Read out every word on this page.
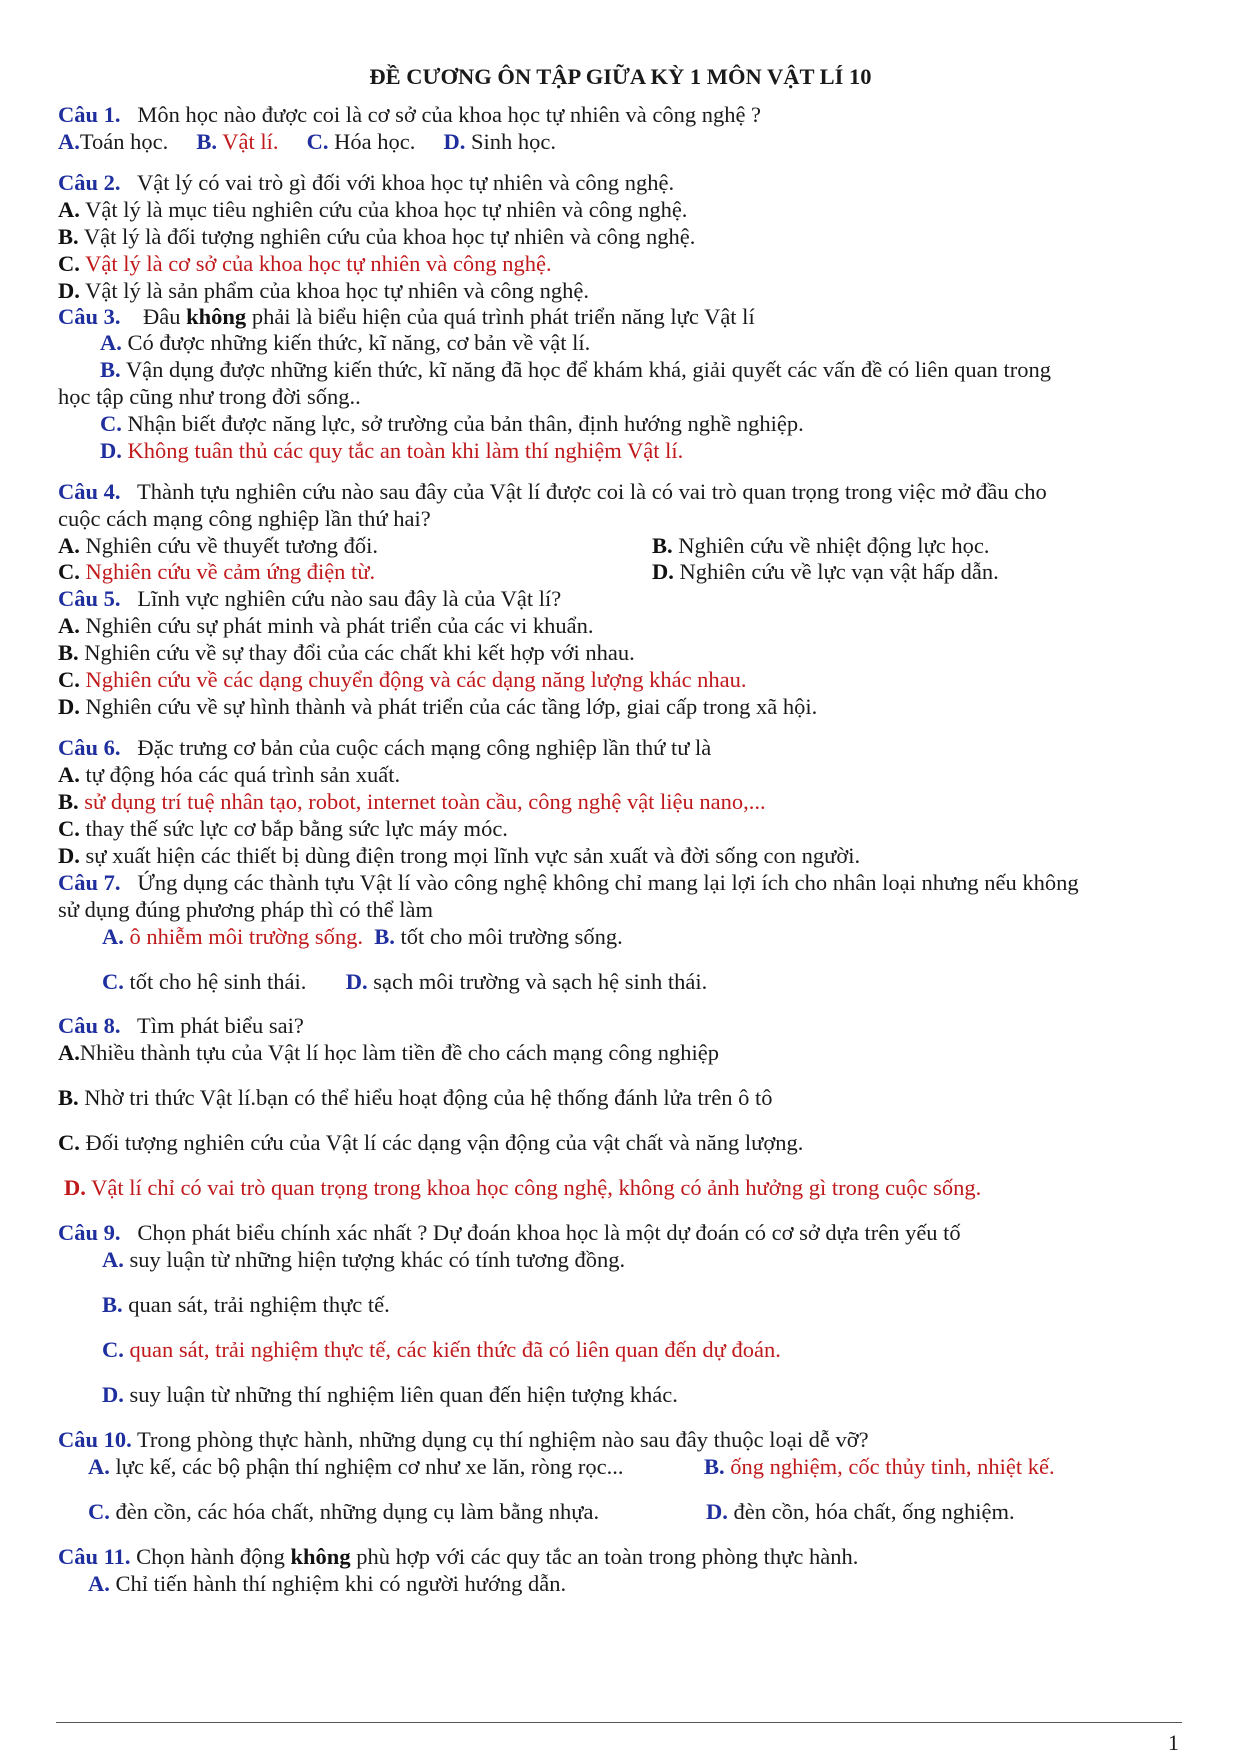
ĐỀ CƯƠNG ÔN TẬP GIỮA KỲ 1 MÔN VẬT LÍ 10
Câu 1. Môn học nào được coi là cơ sở của khoa học tự nhiên và công nghệ ?
A.Toán học. B. Vật lí. C. Hóa học. D. Sinh học.
Câu 2. Vật lý có vai trò gì đối với khoa học tự nhiên và công nghệ.
A. Vật lý là mục tiêu nghiên cứu của khoa học tự nhiên và công nghệ.
B. Vật lý là đối tượng nghiên cứu của khoa học tự nhiên và công nghệ.
C. Vật lý là cơ sở của khoa học tự nhiên và công nghệ.
D. Vật lý là sản phẩm của khoa học tự nhiên và công nghệ.
Câu 3. Đâu không phải là biểu hiện của quá trình phát triển năng lực Vật lí
A. Có được những kiến thức, kĩ năng, cơ bản về vật lí.
B. Vận dụng được những kiến thức, kĩ năng đã học để khám khá, giải quyết các vấn đề có liên quan trong
học tập cũng như trong đời sống..
C. Nhận biết được năng lực, sở trường của bản thân, định hướng nghề nghiệp.
D. Không tuân thủ các quy tắc an toàn khi làm thí nghiệm Vật lí.
Câu 4. Thành tựu nghiên cứu nào sau đây của Vật lí được coi là có vai trò quan trọng trong việc mở đầu cho
cuộc cách mạng công nghiệp lần thứ hai?
A. Nghiên cứu về thuyết tương đối.	B. Nghiên cứu về nhiệt động lực học.
C. Nghiên cứu về cảm ứng điện từ.	D. Nghiên cứu về lực vạn vật hấp dẫn.
Câu 5. Lĩnh vực nghiên cứu nào sau đây là của Vật lí?
A. Nghiên cứu sự phát minh và phát triển của các vi khuẩn.
B. Nghiên cứu về sự thay đổi của các chất khi kết hợp với nhau.
C. Nghiên cứu về các dạng chuyển động và các dạng năng lượng khác nhau.
D. Nghiên cứu về sự hình thành và phát triển của các tầng lớp, giai cấp trong xã hội.
Câu 6. Đặc trưng cơ bản của cuộc cách mạng công nghiệp lần thứ tư là
A. tự động hóa các quá trình sản xuất.
B. sử dụng trí tuệ nhân tạo, robot, internet toàn cầu, công nghệ vật liệu nano,...
C. thay thế sức lực cơ bắp bằng sức lực máy móc.
D. sự xuất hiện các thiết bị dùng điện trong mọi lĩnh vực sản xuất và đời sống con người.
Câu 7. Ứng dụng các thành tựu Vật lí vào công nghệ không chỉ mang lại lợi ích cho nhân loại nhưng nếu không
sử dụng đúng phương pháp thì có thể làm
A. ô nhiễm môi trường sống. B. tốt cho môi trường sống.
C. tốt cho hệ sinh thái. D. sạch môi trường và sạch hệ sinh thái.
Câu 8. Tìm phát biểu sai?
A.Nhiều thành tựu của Vật lí học làm tiền đề cho cách mạng công nghiệp
B. Nhờ tri thức Vật lí.bạn có thể hiểu hoạt động của hệ thống đánh lửa trên ô tô
C. Đối tượng nghiên cứu của Vật lí các dạng vận động của vật chất và năng lượng.
D. Vật lí chỉ có vai trò quan trọng trong khoa học công nghệ, không có ảnh hưởng gì trong cuộc sống.
Câu 9. Chọn phát biểu chính xác nhất ? Dự đoán khoa học là một dự đoán có cơ sở dựa trên yếu tố
A. suy luận từ những hiện tượng khác có tính tương đồng.
B. quan sát, trải nghiệm thực tế.
C. quan sát, trải nghiệm thực tế, các kiến thức đã có liên quan đến dự đoán.
D. suy luận từ những thí nghiệm liên quan đến hiện tượng khác.
Câu 10. Trong phòng thực hành, những dụng cụ thí nghiệm nào sau đây thuộc loại dễ vỡ?
A. lực kế, các bộ phận thí nghiệm cơ như xe lăn, ròng rọc...	B. ống nghiệm, cốc thủy tinh, nhiệt kế.
C. đèn cồn, các hóa chất, những dụng cụ làm bằng nhựa.	D. đèn cồn, hóa chất, ống nghiệm.
Câu 11. Chọn hành động không phù hợp với các quy tắc an toàn trong phòng thực hành.
A. Chỉ tiến hành thí nghiệm khi có người hướng dẫn.
1
